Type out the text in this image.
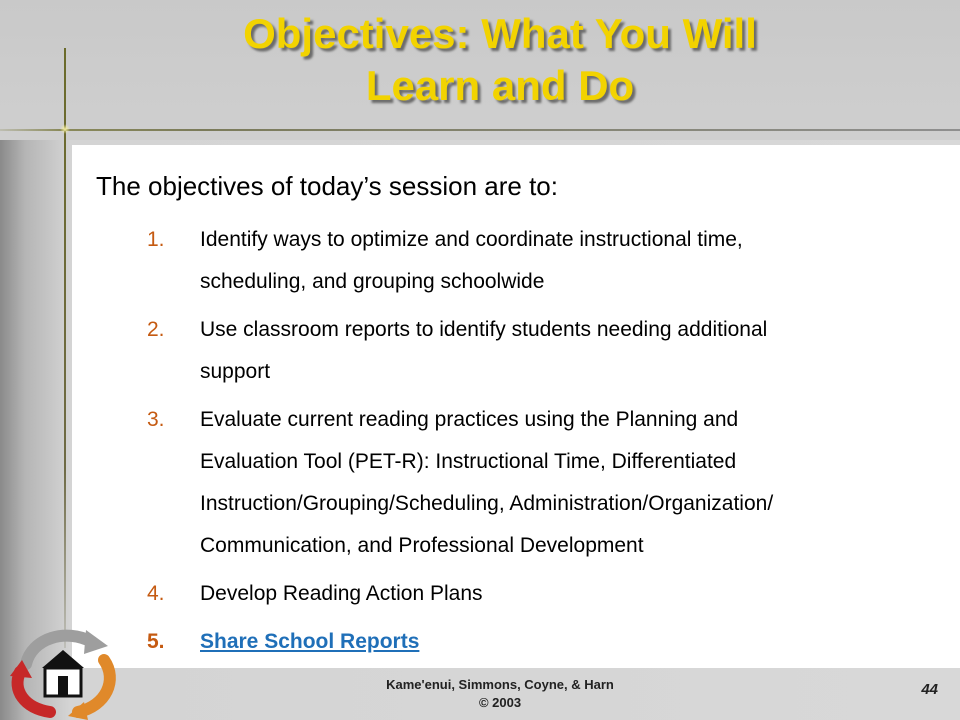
Objectives: What You Will
Learn and Do

The objectives of today’s session are to:

1.	Identify ways to optimize and coordinate instructional time,
scheduling, and grouping schoolwide
2.	Use classroom reports to identify students needing additional
support
3.	Evaluate current reading practices using the Planning and
Evaluation Tool (PET-R): Instructional Time, Differentiated
Instruction/Grouping/Scheduling, Administration/Organization/
Communication, and Professional Development
4.	Develop Reading Action Plans
5.	Share School Reports
Kame'enui, Simmons, Coyne, & Harn
© 2003
44
